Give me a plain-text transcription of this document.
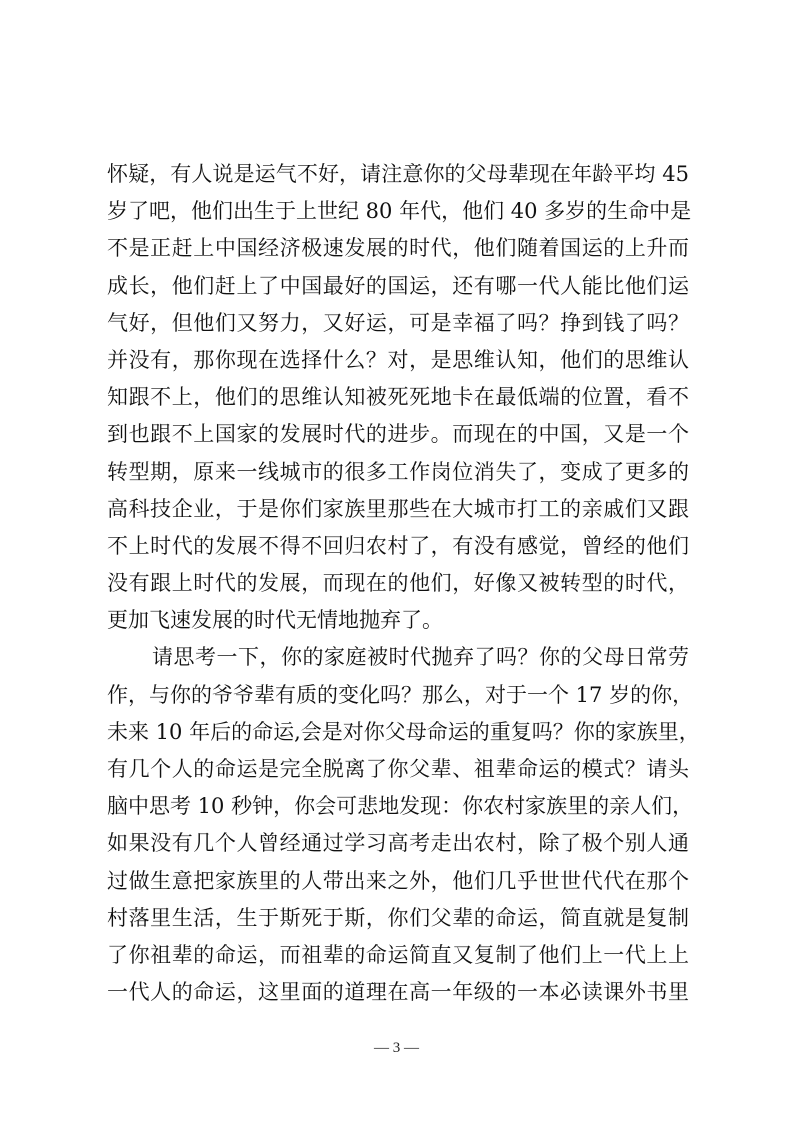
怀疑，有人说是运气不好，请注意你的父母辈现在年龄平均 45
岁了吧，他们出生于上世纪 80 年代，他们 40 多岁的生命中是
不是正赶上中国经济极速发展的时代，他们随着国运的上升而
成长，他们赶上了中国最好的国运，还有哪一代人能比他们运
气好，但他们又努力，又好运，可是幸福了吗？挣到钱了吗？
并没有，那你现在选择什么？对，是思维认知，他们的思维认
知跟不上，他们的思维认知被死死地卡在最低端的位置，看不
到也跟不上国家的发展时代的进步。而现在的中国，又是一个
转型期，原来一线城市的很多工作岗位消失了，变成了更多的
高科技企业，于是你们家族里那些在大城市打工的亲戚们又跟
不上时代的发展不得不回归农村了，有没有感觉，曾经的他们
没有跟上时代的发展，而现在的他们，好像又被转型的时代，
更加飞速发展的时代无情地抛弃了。
请思考一下，你的家庭被时代抛弃了吗？你的父母日常劳
作，与你的爷爷辈有质的变化吗？那么，对于一个 17 岁的你，
未来 10 年后的命运,会是对你父母命运的重复吗？你的家族里，
有几个人的命运是完全脱离了你父辈、祖辈命运的模式？请头
脑中思考 10 秒钟，你会可悲地发现：你农村家族里的亲人们，
如果没有几个人曾经通过学习高考走出农村，除了极个别人通
过做生意把家族里的人带出来之外，他们几乎世世代代在那个
村落里生活，生于斯死于斯，你们父辈的命运，简直就是复制
了你祖辈的命运，而祖辈的命运简直又复制了他们上一代上上
一代人的命运，这里面的道理在高一年级的一本必读课外书里
— 3 —
